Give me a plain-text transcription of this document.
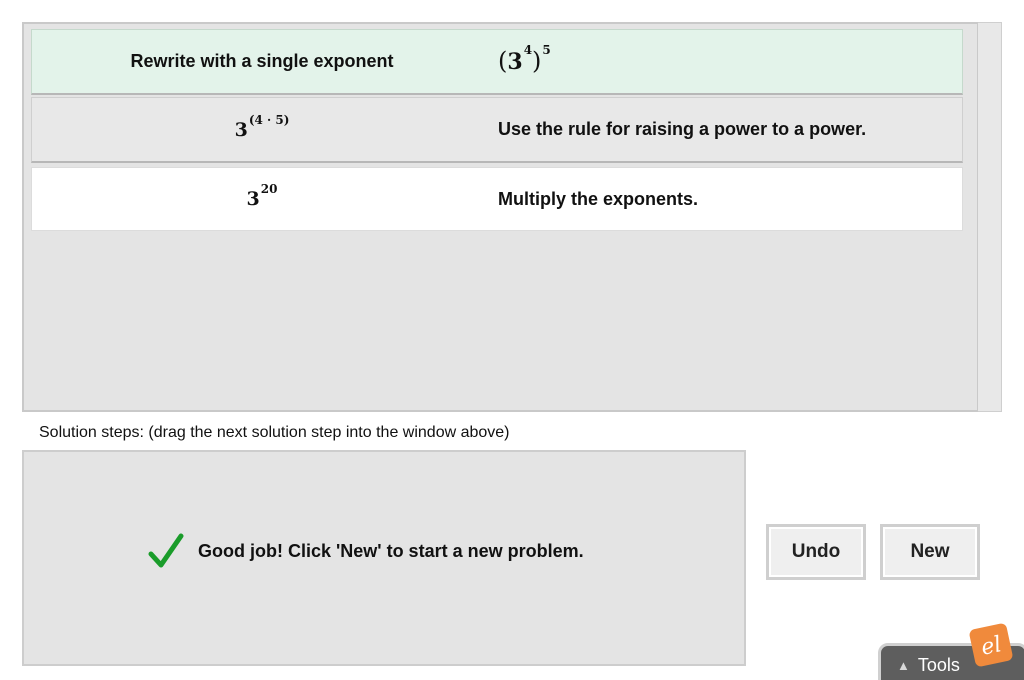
Rewrite with a single exponent	( $3^4$ )$^5$
$3^{(4 \cdot 5)}$	Use the rule for raising a power to a power.
$3^{20}$	Multiply the exponents.
Solution steps: (drag the next solution step into the window above)
Good job! Click 'New' to start a new problem.	Undo	New
▲ Tools
el
